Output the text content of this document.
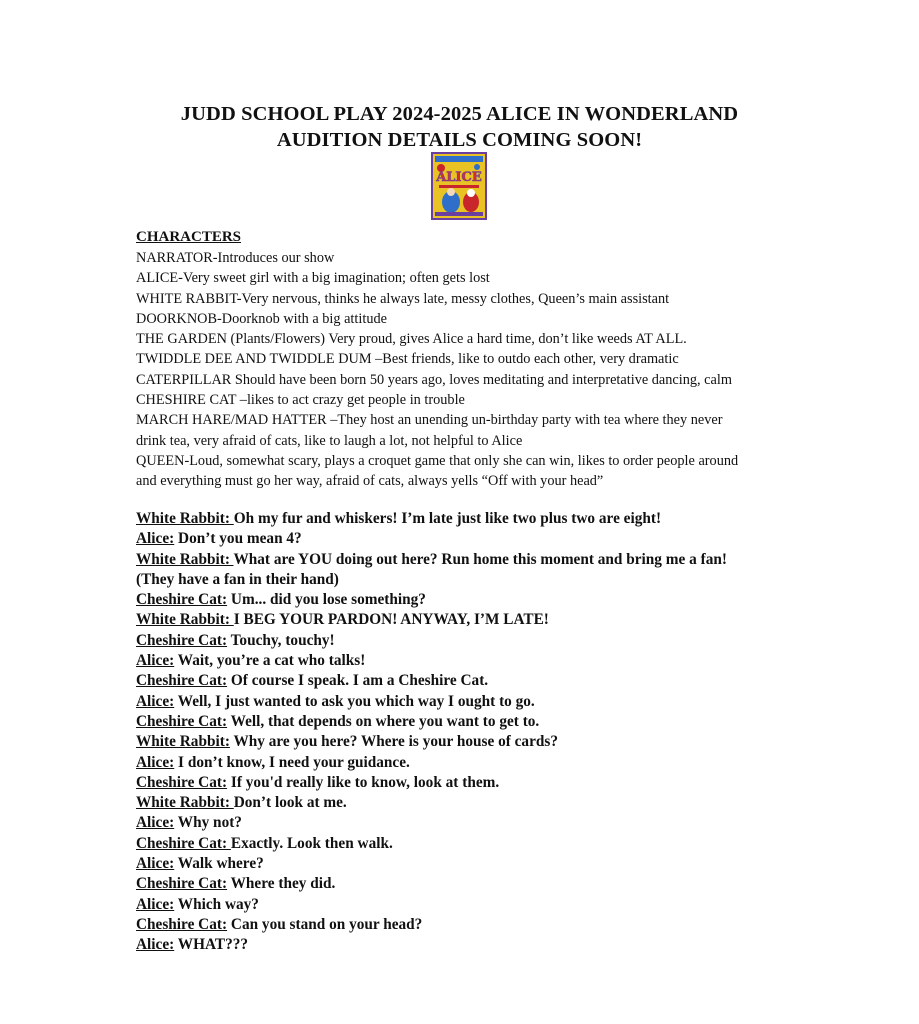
JUDD SCHOOL PLAY 2024-2025 ALICE IN WONDERLAND
AUDITION DETAILS COMING SOON!
ALICE
CHARACTERS
NARRATOR-Introduces our show
ALICE-Very sweet girl with a big imagination; often gets lost
WHITE RABBIT-Very nervous, thinks he always late, messy clothes, Queen’s main assistant
DOORKNOB-Doorknob with a big attitude
THE GARDEN (Plants/Flowers) Very proud, gives Alice a hard time, don’t like weeds AT ALL.
TWIDDLE DEE AND TWIDDLE DUM –Best friends, like to outdo each other, very dramatic
CATERPILLAR Should have been born 50 years ago, loves meditating and interpretative dancing, calm
CHESHIRE CAT –likes to act crazy get people in trouble
MARCH HARE/MAD HATTER –They host an unending un-birthday party with tea where they never
drink tea, very afraid of cats, like to laugh a lot, not helpful to Alice
QUEEN-Loud, somewhat scary, plays a croquet game that only she can win, likes to order people around
and everything must go her way, afraid of cats, always yells “Off with your head”
White Rabbit: Oh my fur and whiskers! I’m late just like two plus two are eight!
Alice: Don’t you mean 4?
White Rabbit: What are YOU doing out here? Run home this moment and bring me a fan!
(They have a fan in their hand)
Cheshire Cat: Um... did you lose something?
White Rabbit: I BEG YOUR PARDON! ANYWAY, I’M LATE!
Cheshire Cat: Touchy, touchy!
Alice: Wait, you’re a cat who talks!
Cheshire Cat: Of course I speak. I am a Cheshire Cat.
Alice: Well, I just wanted to ask you which way I ought to go.
Cheshire Cat: Well, that depends on where you want to get to.
White Rabbit: Why are you here? Where is your house of cards?
Alice: I don’t know, I need your guidance.
Cheshire Cat: If you'd really like to know, look at them.
White Rabbit: Don’t look at me.
Alice: Why not?
Cheshire Cat: Exactly. Look then walk.
Alice: Walk where?
Cheshire Cat: Where they did.
Alice: Which way?
Cheshire Cat: Can you stand on your head?
Alice: WHAT???
